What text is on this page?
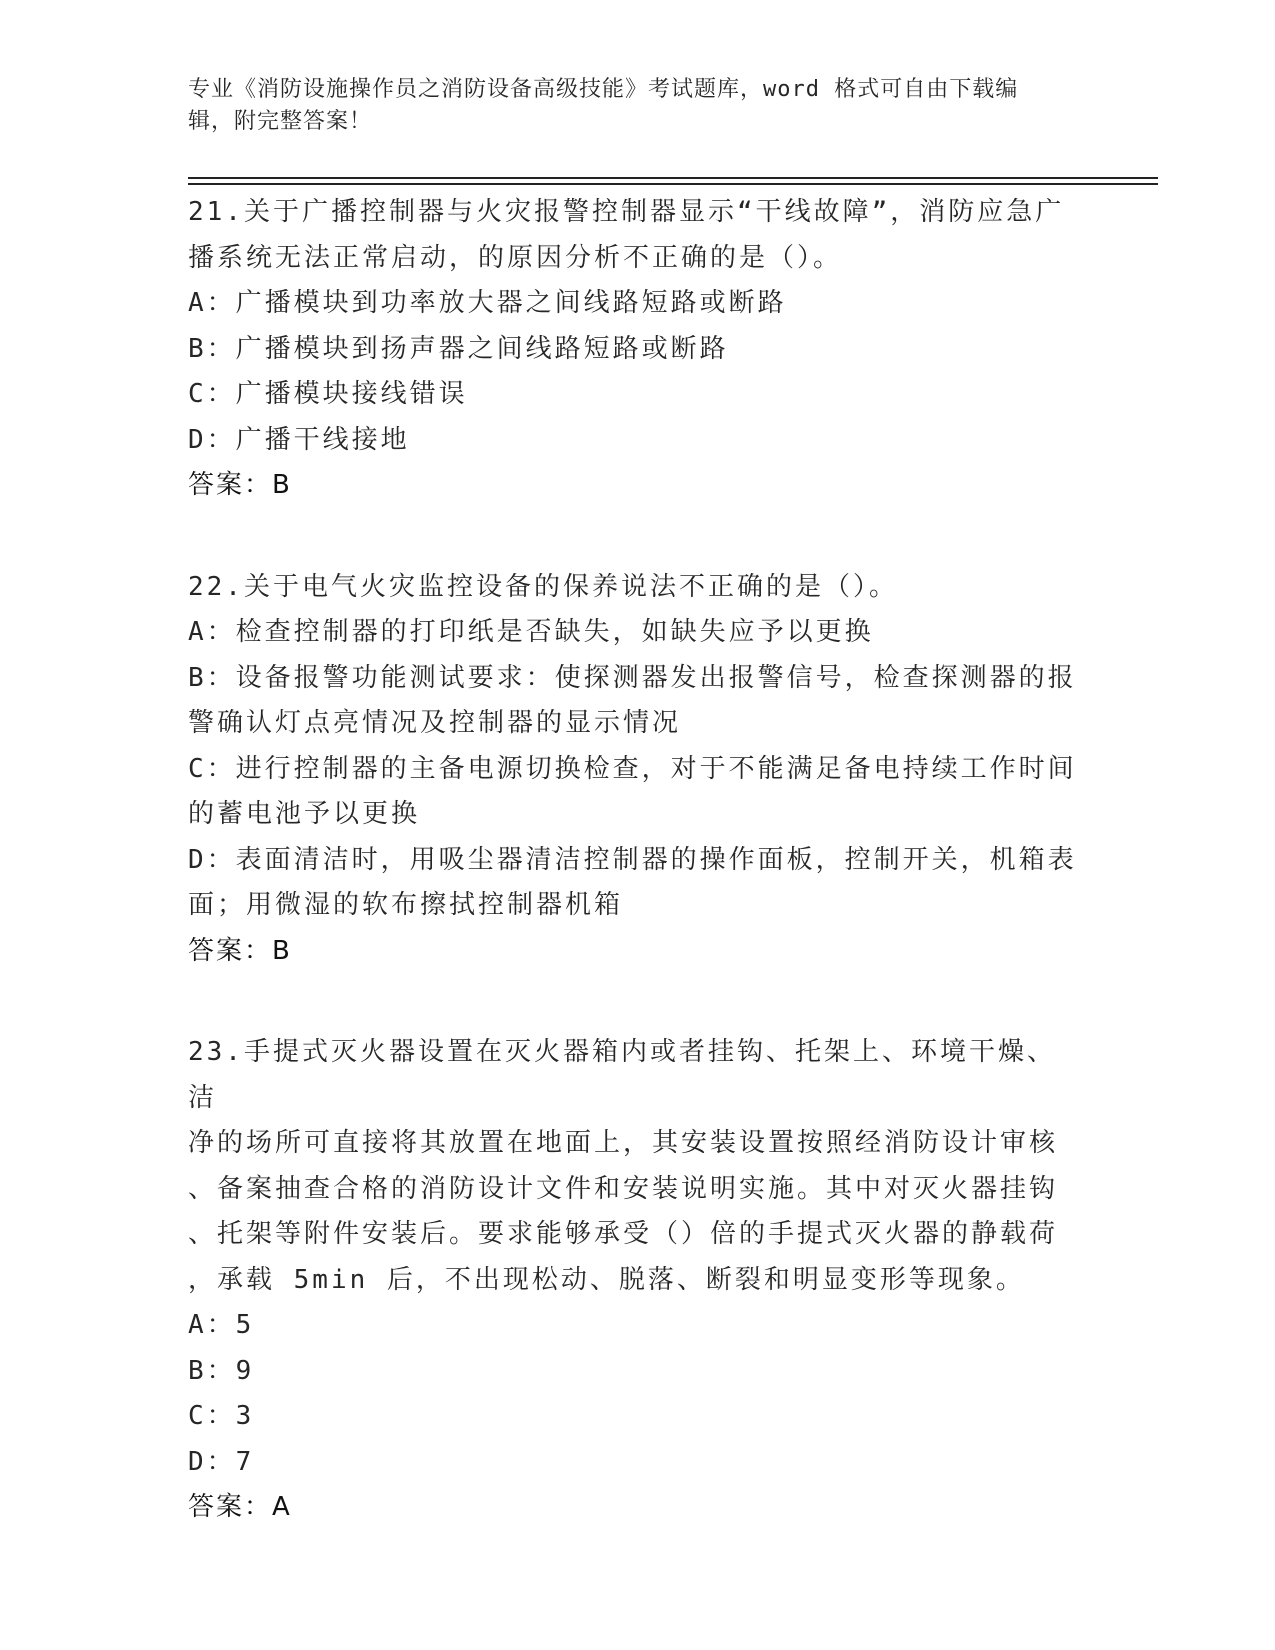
专业《消防设施操作员之消防设备高级技能》考试题库，word 格式可自由下载编
辑，附完整答案！

21.关于广播控制器与火灾报警控制器显示“干线故障”，消防应急广

播系统无法正常启动，的原因分析不正确的是（）。

A：广播模块到功率放大器之间线路短路或断路

B：广播模块到扬声器之间线路短路或断路

C：广播模块接线错误

D：广播干线接地

答案：B

22.关于电气火灾监控设备的保养说法不正确的是（）。

A：检查控制器的打印纸是否缺失，如缺失应予以更换

B：设备报警功能测试要求：使探测器发出报警信号，检查探测器的报

警确认灯点亮情况及控制器的显示情况

C：进行控制器的主备电源切换检查，对于不能满足备电持续工作时间

的蓄电池予以更换

D：表面清洁时，用吸尘器清洁控制器的操作面板，控制开关，机箱表

面；用微湿的软布擦拭控制器机箱

答案：B

23.手提式灭火器设置在灭火器箱内或者挂钩、托架上、环境干燥、洁

净的场所可直接将其放置在地面上，其安装设置按照经消防设计审核

、备案抽查合格的消防设计文件和安装说明实施。其中对灭火器挂钩

、托架等附件安装后。要求能够承受（）倍的手提式灭火器的静载荷

，承载 5min 后，不出现松动、脱落、断裂和明显变形等现象。

A：5

B：9

C：3

D：7

答案：A
